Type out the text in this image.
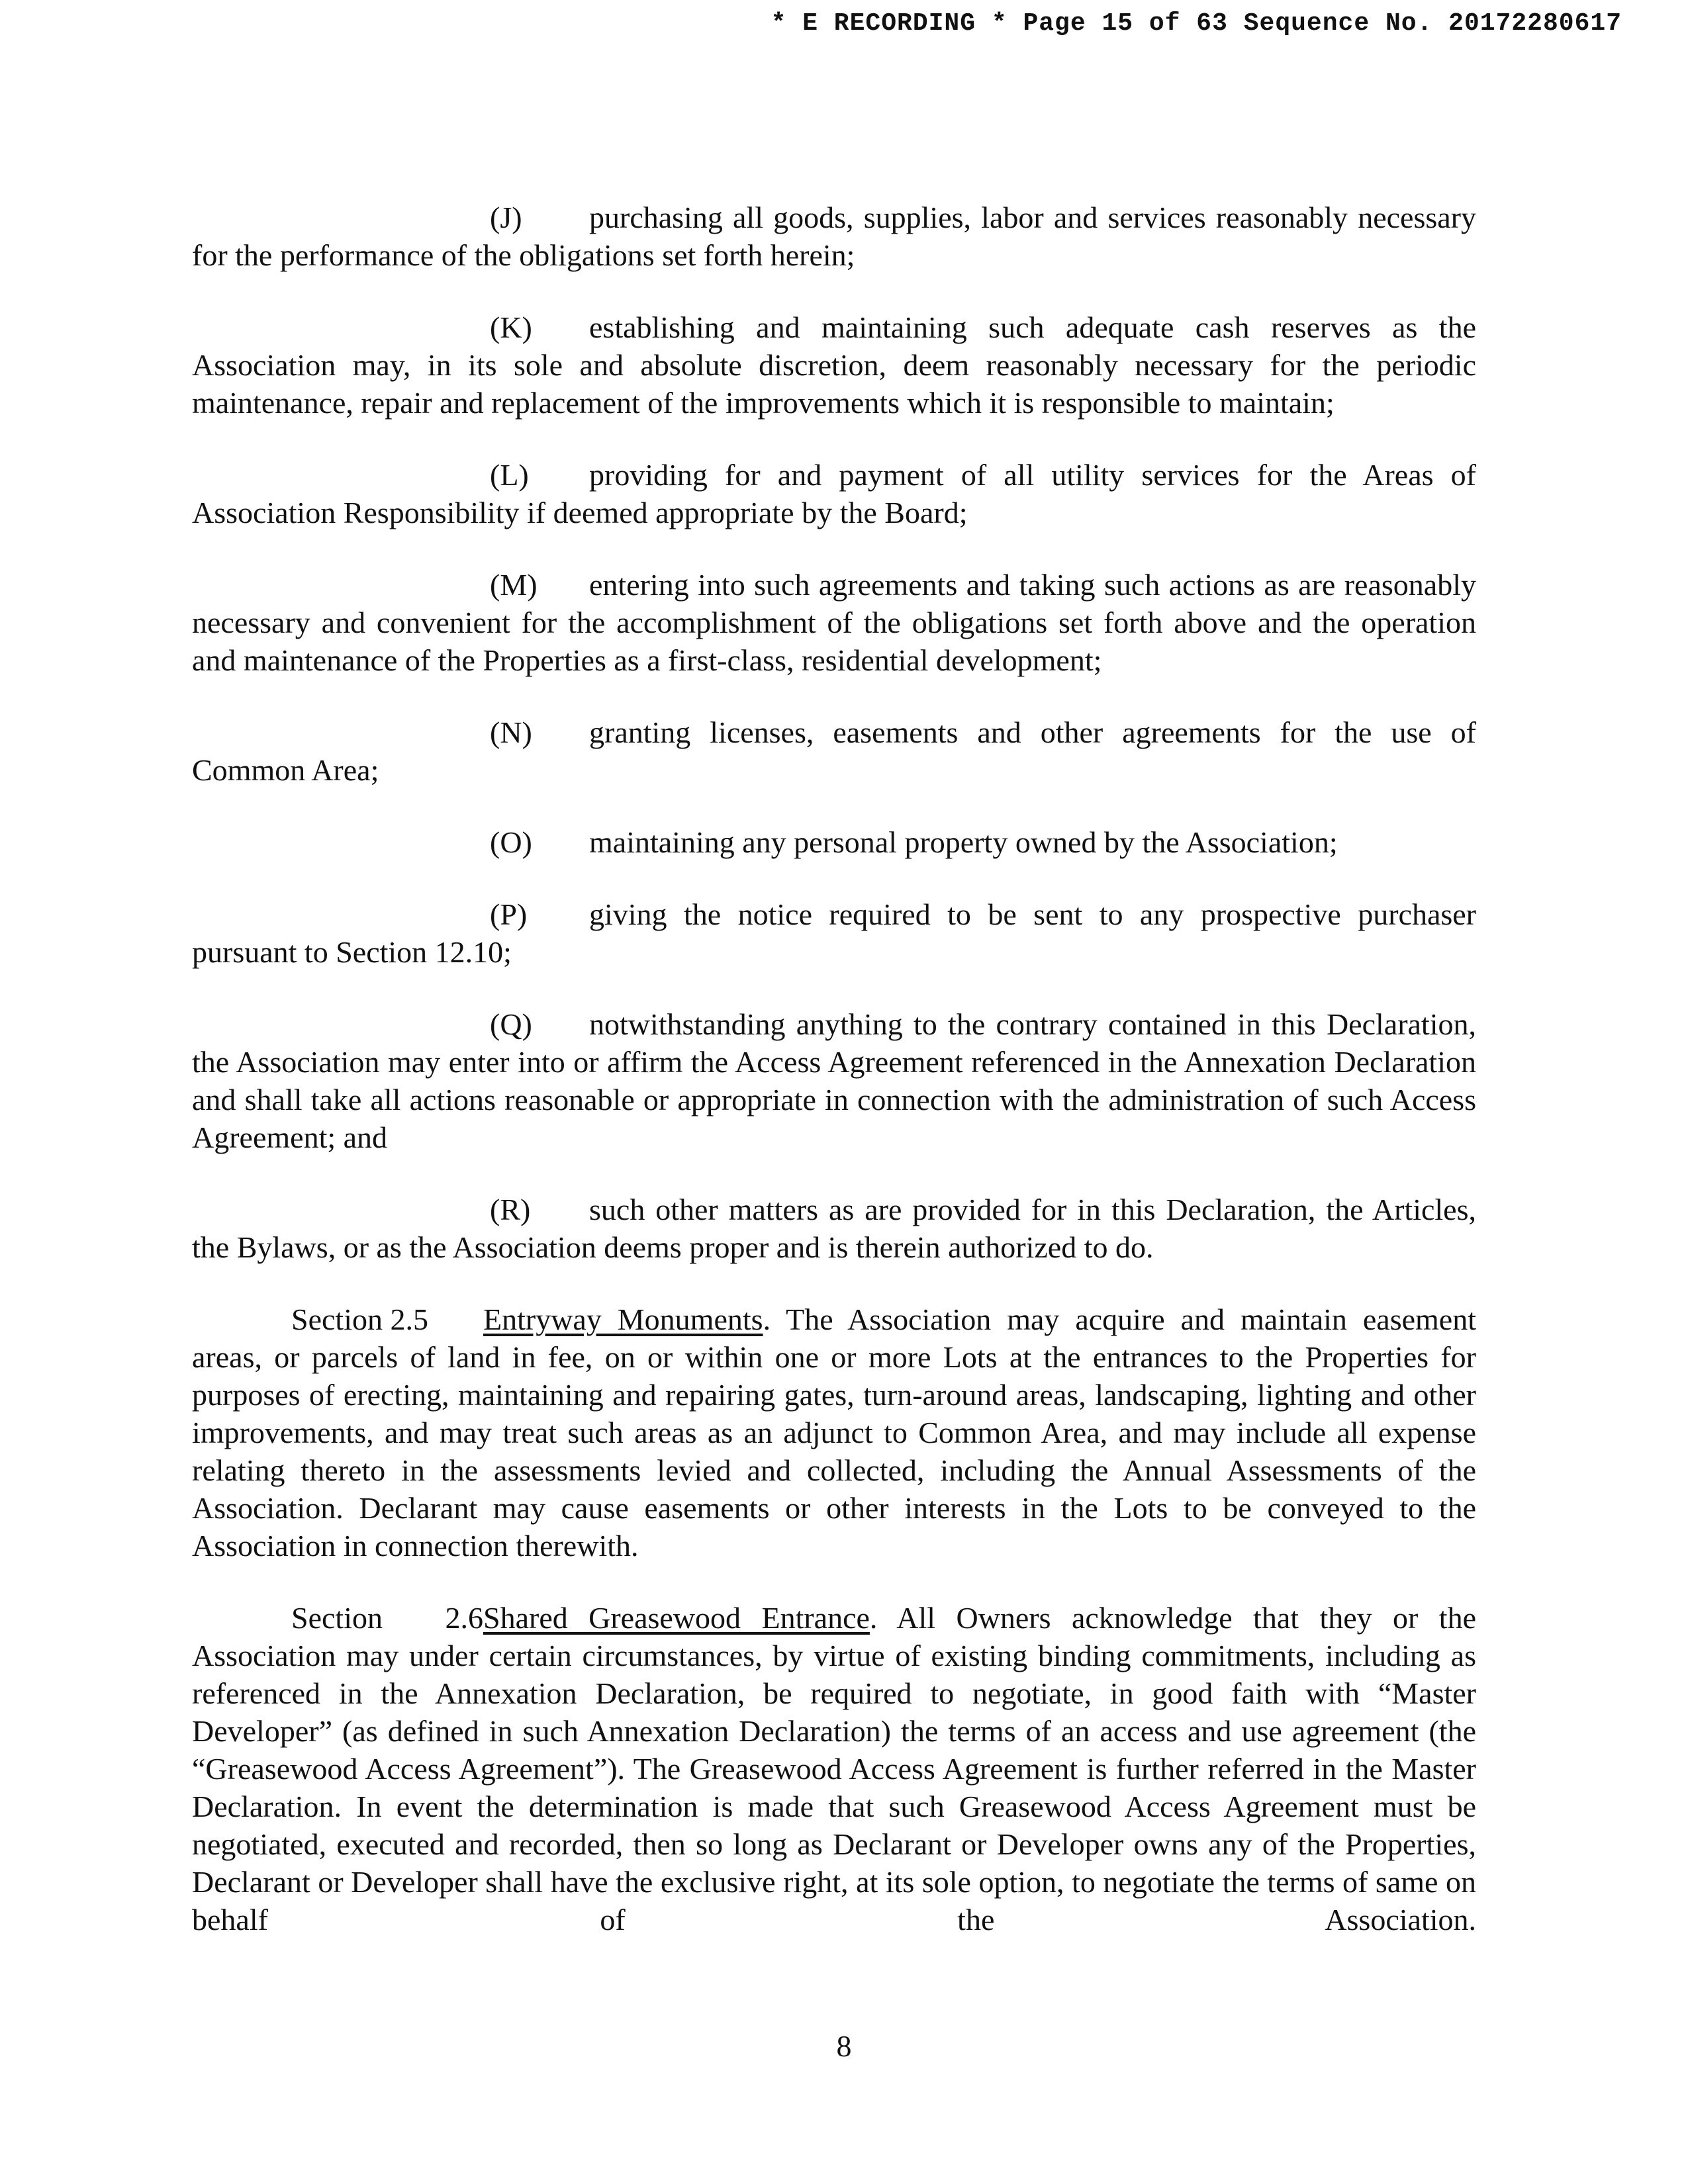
* E RECORDING * Page 15 of 63 Sequence No. 20172280617

(J) purchasing all goods, supplies, labor and services reasonably necessary for the performance of the obligations set forth herein;

(K) establishing and maintaining such adequate cash reserves as the Association may, in its sole and absolute discretion, deem reasonably necessary for the periodic maintenance, repair and replacement of the improvements which it is responsible to maintain;

(L) providing for and payment of all utility services for the Areas of Association Responsibility if deemed appropriate by the Board;

(M) entering into such agreements and taking such actions as are reasonably necessary and convenient for the accomplishment of the obligations set forth above and the operation and maintenance of the Properties as a first-class, residential development;

(N) granting licenses, easements and other agreements for the use of Common Area;

(O) maintaining any personal property owned by the Association;

(P) giving the notice required to be sent to any prospective purchaser pursuant to Section 12.10;

(Q) notwithstanding anything to the contrary contained in this Declaration, the Association may enter into or affirm the Access Agreement referenced in the Annexation Declaration and shall take all actions reasonable or appropriate in connection with the administration of such Access Agreement; and

(R) such other matters as are provided for in this Declaration, the Articles, the Bylaws, or as the Association deems proper and is therein authorized to do.

Section 2.5 Entryway Monuments. The Association may acquire and maintain easement areas, or parcels of land in fee, on or within one or more Lots at the entrances to the Properties for purposes of erecting, maintaining and repairing gates, turn-around areas, landscaping, lighting and other improvements, and may treat such areas as an adjunct to Common Area, and may include all expense relating thereto in the assessments levied and collected, including the Annual Assessments of the Association. Declarant may cause easements or other interests in the Lots to be conveyed to the Association in connection therewith.

Section 2.6Shared Greasewood Entrance. All Owners acknowledge that they or the Association may under certain circumstances, by virtue of existing binding commitments, including as referenced in the Annexation Declaration, be required to negotiate, in good faith with “Master Developer” (as defined in such Annexation Declaration) the terms of an access and use agreement (the “Greasewood Access Agreement”). The Greasewood Access Agreement is further referred in the Master Declaration. In event the determination is made that such Greasewood Access Agreement must be negotiated, executed and recorded, then so long as Declarant or Developer owns any of the Properties, Declarant or Developer shall have the exclusive right, at its sole option, to negotiate the terms of same on behalf of the Association.

8
